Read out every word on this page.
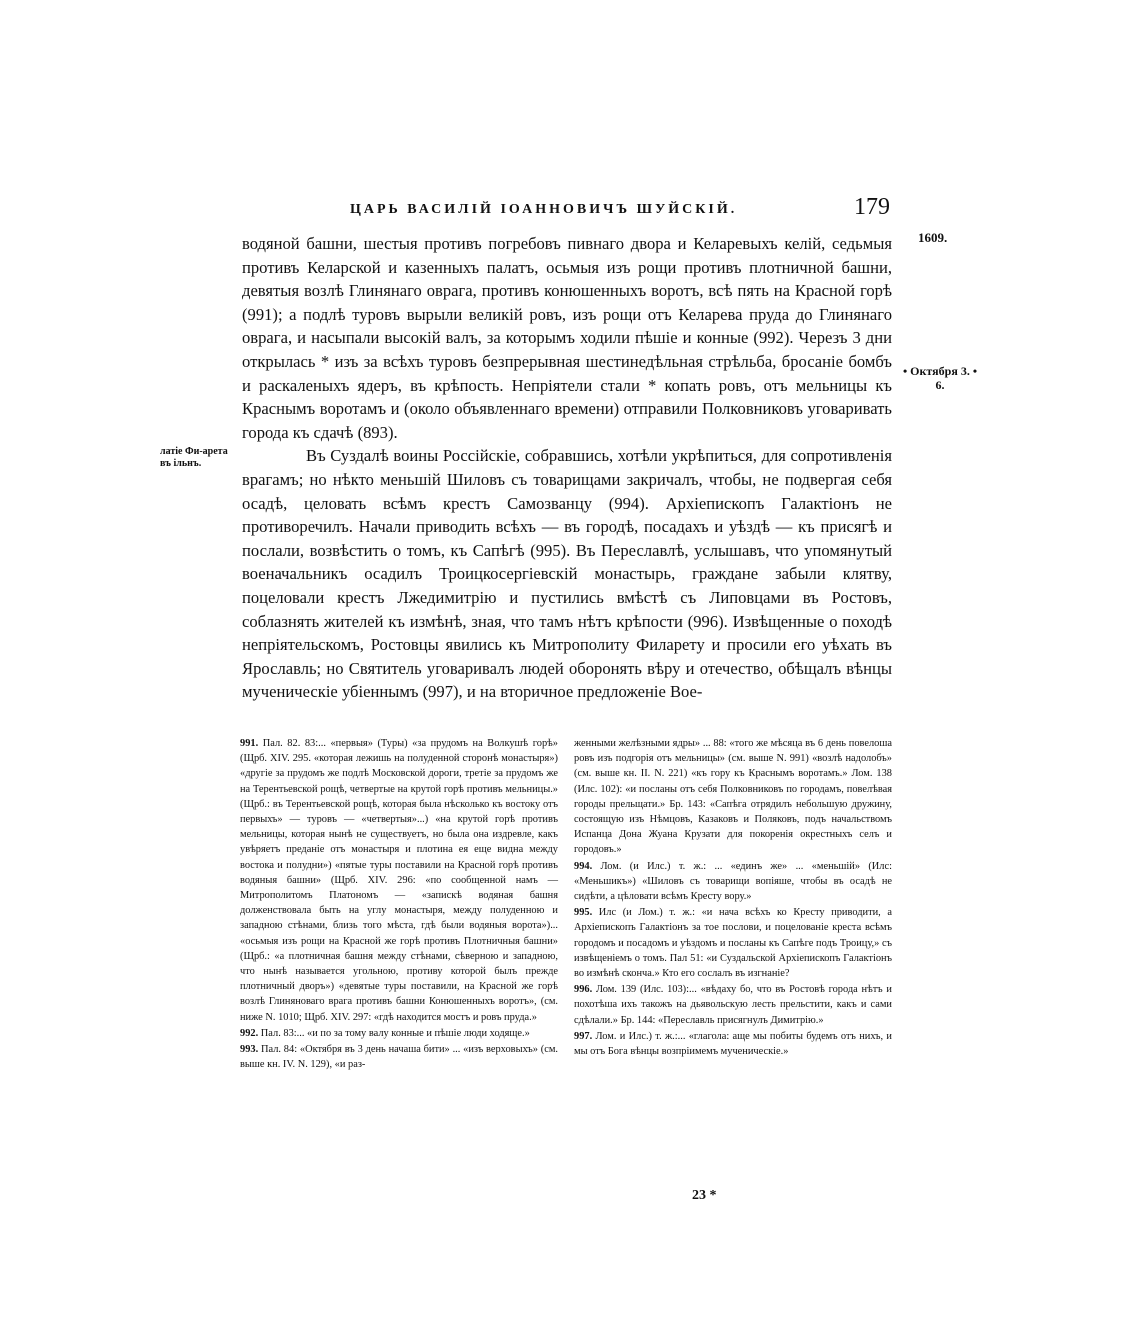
ЦАРЬ ВАСИЛІЙ ІОАННОВИЧЪ ШУЙСКІЙ.	179
1609.
• Октября 3. • 6.
латіе Фи-арета въ ільнъ.

водяной башни, шестыя противъ погребовъ пивнаго двора и Келаревыхъ келій, седьмыя противъ Келарской и казенныхъ палатъ, осьмыя изъ рощи противъ плотничной башни, девятыя возлѣ Глинянаго оврага, противъ конюшенныхъ воротъ, всѣ пять на Красной горѣ (991); а подлѣ туровъ вырыли великій ровъ, изъ рощи отъ Келарева пруда до Глинянаго оврага, и насыпали высокій валъ, за которымъ ходили пѣшіе и конные (992). Черезъ 3 дни открылась * изъ за всѣхъ туровъ безпрерывная шестинедѣльная стрѣльба, бросаніе бомбъ и раскаленыхъ ядеръ, въ крѣпость. Непріятели стали * копать ровъ, отъ мельницы къ Краснымъ воротамъ и (около объявленнаго времени) отправили Полковниковъ уговаривать города къ сдачѣ (893).

Въ Суздалѣ воины Россійскіе, собравшись, хотѣли укрѣпиться, для сопротивленія врагамъ; но нѣкто меньшій Шиловъ съ товарищами закричалъ, чтобы, не подвергая себя осадѣ, целовать всѣмъ крестъ Самозванцу (994). Архіепископъ Галактіонъ не противоречилъ. Начали приводить всѣхъ — въ городѣ, посадахъ и уѣздѣ — къ присягѣ и послали, возвѣстить о томъ, къ Сапѣгѣ (995). Въ Переславлѣ, услышавъ, что упомянутый военачальникъ осадилъ Троицкосергіевскій монастырь, граждане забыли клятву, поцеловали крестъ Лжедимитрію и пустились вмѣстѣ съ Липовцами въ Ростовъ, соблазнять жителей къ измѣнѣ, зная, что тамъ нѣтъ крѣпости (996). Извѣщенные о походѣ непріятельскомъ, Ростовцы явились къ Митрополиту Филарету и просили его уѣхать въ Ярославль; но Святитель уговаривалъ людей оборонять вѣру и отечество, обѣщалъ вѣнцы мученическіе убіеннымъ (997), и на вторичное предложеніе Вое-

991. Пал. 82. 83:... «первыя» (Туры) «за прудомъ на Волкушѣ горѣ» (Щрб. XIV. 295. «которая лежишь на полуденной сторонѣ монастыря») «другіе за прудомъ же подлѣ Московской дороги, третіе за прудомъ же на Терентьевской рощѣ, четвертые на крутой горѣ противъ мельницы.» (Щрб.: въ Терентьевской рощѣ, которая была нѣсколько къ востоку отъ первыхъ» — туровъ — «четвертыя»...) «на крутой горѣ противъ мельницы, которая нынѣ не существуетъ, но была она издревле, какъ увѣряетъ преданіе отъ монастыря и плотина ея еще видна между востока и полудни») «пятые туры поставили на Красной горѣ противъ водяныя башни» (Щрб. XIV. 296: «по сообщенной намъ — Митрополитомъ Платономъ — «запискѣ водяная башня долженствовала быть на углу монастыря, между полуденною и западною стѣнами, близь того мѣста, гдѣ были водяныя ворота»)... «осьмыя изъ рощи на Красной же горѣ противъ Плотничныя башни» (Щрб.: «а плотничная башня между стѣнами, сѣверною и западною, что нынѣ называется угольною, противу которой былъ прежде плотничный дворъ») «девятые туры поставили, на Красной же горѣ возлѣ Глиняноваго врага противъ башни Конюшенныхъ воротъ», (см. ниже N. 1010; Щрб. XIV. 297: «гдѣ находится мостъ и ровъ пруда.»

992. Пал. 83:... «и по за тому валу конные и пѣшіе люди ходяще.»

993. Пал. 84: «Октября въ 3 день начаша бити» ... «изъ верховыхъ» (см. выше кн. IV. N. 129), «и раз-

женными желѣзными ядры» ... 88: «того же мѣсяца въ 6 день повелоша ровъ изъ подгорія отъ мельницы» (см. выше N. 991) «возлѣ надолобъ» (см. выше кн. II. N. 221) «къ гору къ Краснымъ воротамъ.» Лом. 138 (Илс. 102): «и посланы отъ себя Полковниковъ по городамъ, повелѣвая городы прельщати.» Бр. 143: «Сапѣга отрядилъ небольшую дружину, состоящую изъ Нѣмцовъ, Казаковъ и Поляковъ, подъ начальствомъ Испанца Дона Жуана Крузати для покоренія окрестныхъ селъ и городовъ.»

994. Лом. (и Илс.) т. ж.: ... «единъ же» ... «меньшій» (Илс: «Меньшикъ») «Шиловъ съ товарищи вопіяше, чтобы въ осадѣ не сидѣти, а цѣловати всѣмъ Кресту вору.»

995. Илс (и Лом.) т. ж.: «и нача всѣхъ ко Кресту приводити, а Архіепископъ Галактіонъ за тое послови, и поцелованіе креста всѣмъ городомъ и посадомъ и уѣздомъ и посланы къ Сапѣге подъ Троицу,» съ извѣщеніемъ о томъ. Пал 51: «и Суздальской Архіепископъ Галактіонъ во измѣнѣ сконча.» Кто его сослалъ въ изгнаніе?

996. Лом. 139 (Илс. 103):... «вѣдаху бо, что въ Ростовѣ города нѣтъ и похотѣша ихъ такожъ на дьявольскую лесть прельстити, какъ и сами сдѣлали.» Бр. 144: «Переславль присягнулъ Димитрію.»

997. Лом. и Илс.) т. ж.:... «глагола: аще мы побиты будемъ отъ нихъ, и мы отъ Бога вѣнцы возпріимемъ мученическіе.»

23 *
